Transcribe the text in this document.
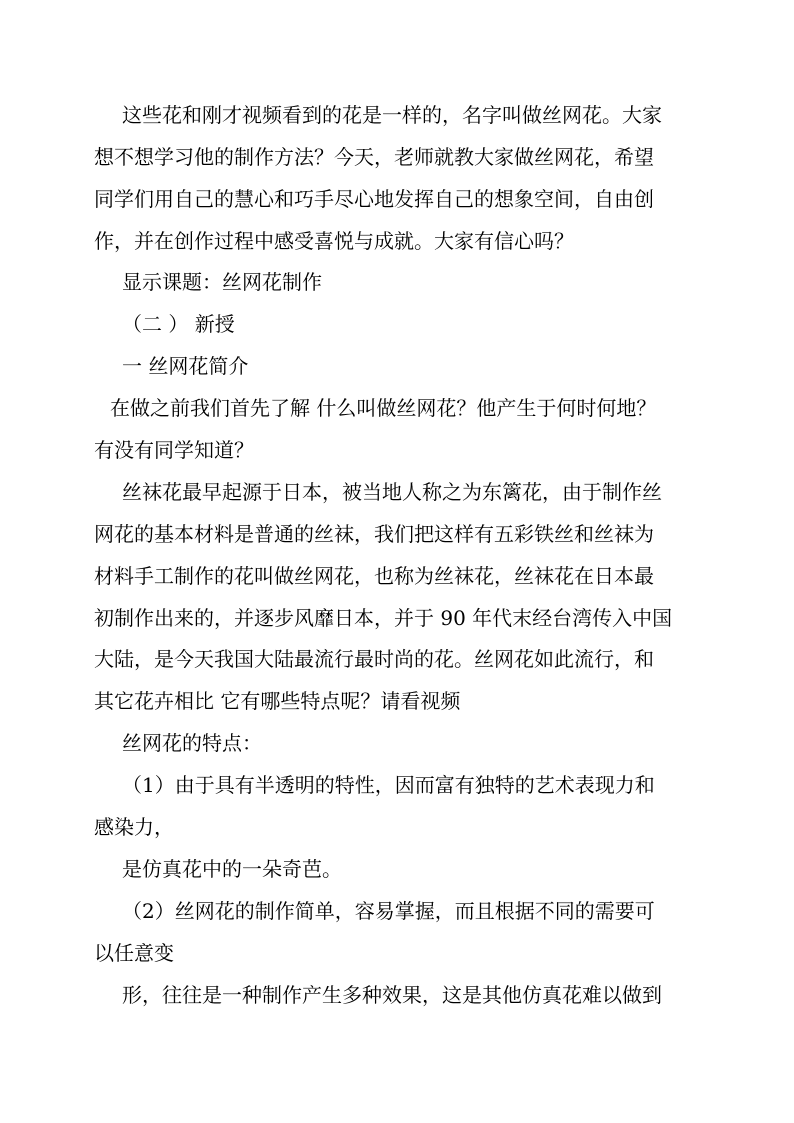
这些花和刚才视频看到的花是一样的，名字叫做丝网花。大家
想不想学习他的制作方法？今天，老师就教大家做丝网花，希望
同学们用自己的慧心和巧手尽心地发挥自己的想象空间，自由创
作，并在创作过程中感受喜悦与成就。大家有信心吗？
显示课题：丝网花制作
（二 ） 新授
一 丝网花简介
在做之前我们首先了解 什么叫做丝网花？他产生于何时何地？
有没有同学知道？
丝袜花最早起源于日本，被当地人称之为东篱花，由于制作丝
网花的基本材料是普通的丝袜，我们把这样有五彩铁丝和丝袜为
材料手工制作的花叫做丝网花，也称为丝袜花，丝袜花在日本最
初制作出来的，并逐步风靡日本，并于 90 年代末经台湾传入中国
大陆，是今天我国大陆最流行最时尚的花。丝网花如此流行，和
其它花卉相比 它有哪些特点呢？请看视频
丝网花的特点：
（1）由于具有半透明的特性，因而富有独特的艺术表现力和
感染力，
是仿真花中的一朵奇芭。
（2）丝网花的制作简单，容易掌握，而且根据不同的需要可
以任意变
形，往往是一种制作产生多种效果，这是其他仿真花难以做到
